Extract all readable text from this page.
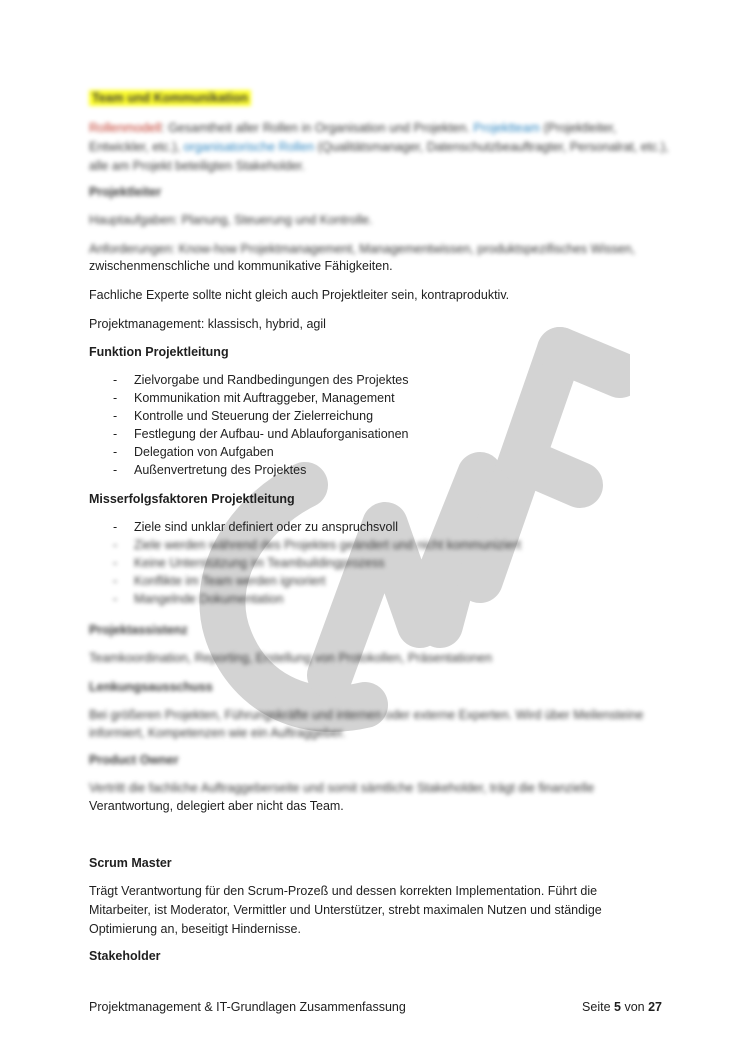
Team und Kommunikation
Rollenmodell: Gesamtheit aller Rollen in Organisation und Projekten. Projektteam (Projektleiter, Entwickler, etc.), organisatorische Rollen (Qualitätsmanager, Datenschutzbeauftragter, Personalrat, etc.), alle am Projekt beteiligten Stakeholder.
Projektleiter
Hauptaufgaben: Planung, Steuerung und Kontrolle.
Anforderungen: Know-how Projektmanagement, Managementwissen, produktspezifisches Wissen,
zwischenmenschliche und kommunikative Fähigkeiten.
Fachliche Experte sollte nicht gleich auch Projektleiter sein, kontraproduktiv.
Projektmanagement: klassisch, hybrid, agil
Funktion Projektleitung
- Zielvorgabe und Randbedingungen des Projektes
- Kommunikation mit Auftraggeber, Management
- Kontrolle und Steuerung der Zielerreichung
- Festlegung der Aufbau- und Ablauforganisationen
- Delegation von Aufgaben
- Außenvertretung des Projektes
Misserfolgsfaktoren Projektleitung
- Ziele sind unklar definiert oder zu anspruchsvoll
- Ziele werden während des Projektes geändert und nicht kommuniziert
- Keine Unterstützung im Teambuildingprozess
- Konflikte im Team werden ignoriert
- Mangelnde Dokumentation
Projektassistenz
Teamkoordination, Reporting, Erstellung von Protokollen, Präsentationen
Lenkungsausschuss
Bei größeren Projekten, Führungskräfte und internen oder externe Experten. Wird über Meilensteine informiert, Kompetenzen wie ein Auftraggeber.
Product Owner
Vertritt die fachliche Auftraggeberseite und somit sämtliche Stakeholder, trägt die finanzielle
Verantwortung, delegiert aber nicht das Team.
Scrum Master
Trägt Verantwortung für den Scrum-Prozeß und dessen korrekten Implementation. Führt die
Mitarbeiter, ist Moderator, Vermittler und Unterstützer, strebt maximalen Nutzen und ständige
Optimierung an, beseitigt Hindernisse.
Stakeholder
Projektmanagement & IT-Grundlagen Zusammenfassung	Seite 5 von 27
